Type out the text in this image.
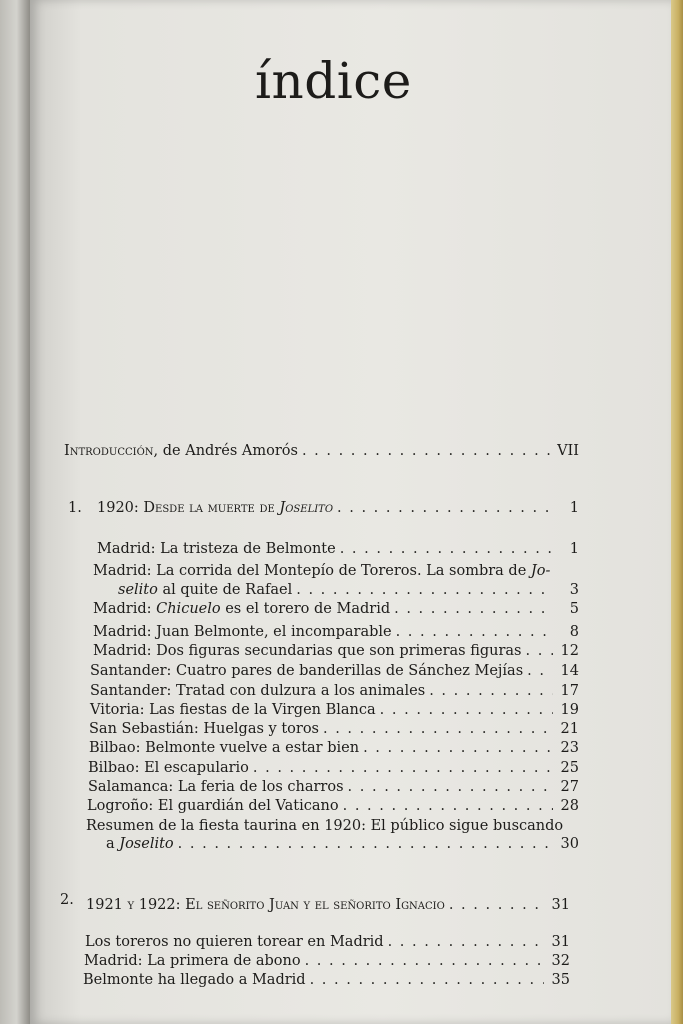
índice
Introducción, de Andrés Amorós . . .	VII
1. 1920: Desde la muerte de Joselito . . .	1
Madrid: La tristeza de Belmonte . . .	1
Madrid: La corrida del Montepío de Toreros. La sombra de Jo-
selito al quite de Rafael . . .	3
Madrid: Chicuelo es el torero de Madrid . . .	5
Madrid: Juan Belmonte, el incomparable . . .	8
Madrid: Dos figuras secundarias que son primeras figuras . . .	12
Santander: Cuatro pares de banderillas de Sánchez Mejías . . .	14
Santander: Tratad con dulzura a los animales . . .	17
Vitoria: Las fiestas de la Virgen Blanca . . .	19
San Sebastián: Huelgas y toros . . .	21
Bilbao: Belmonte vuelve a estar bien . . .	23
Bilbao: El escapulario . . .	25
Salamanca: La feria de los charros . . .	27
Logroño: El guardián del Vaticano . . .	28
Resumen de la fiesta taurina en 1920: El público sigue buscando
a Joselito . . .	30
2. 1921 y 1922: El señorito Juan y el señorito Ignacio . . .	31
Los toreros no quieren torear en Madrid . . .	31
Madrid: La primera de abono . . .	32
Belmonte ha llegado a Madrid . . .	35
